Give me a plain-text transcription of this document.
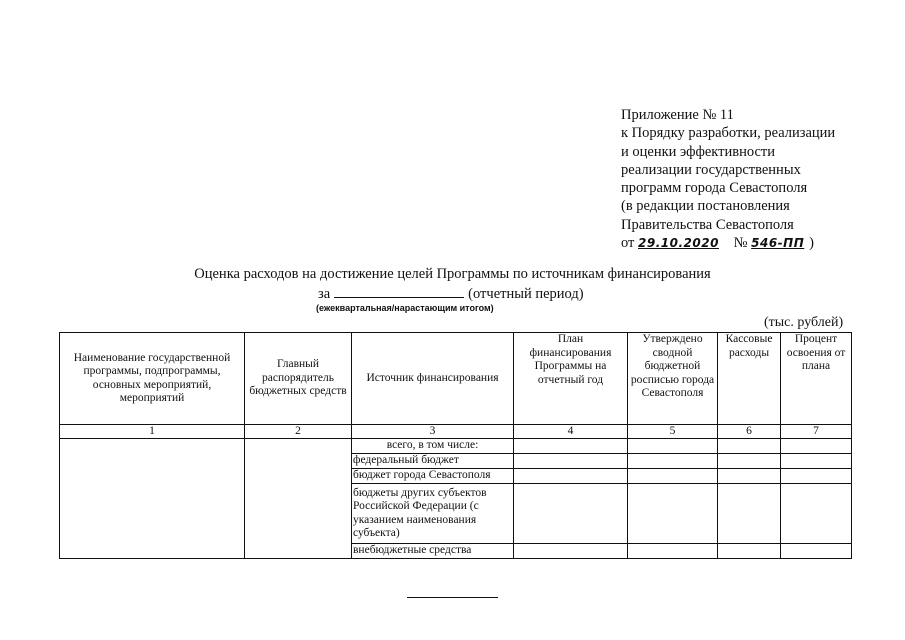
Приложение № 11
к Порядку разработки, реализации
и оценки эффективности
реализации государственных
программ города Севастополя
(в редакции постановления
Правительства Севастополя
от 29.10.2020 № 546-ПП )
Оценка расходов на достижение целей Программы по источникам финансирования
за	(отчетный период)
(ежеквартальная/нарастающим итогом)
(тыс. рублей)
Наименование государственной программы, подпрограммы, основных мероприятий, мероприятий	Главный распорядитель бюджетных средств	Источник финансирования	План финансирования Программы на отчетный год	Утверждено сводной бюджетной росписью города Севастополя	Кассовые расходы	Процент освоения от плана
1	2	3	4	5	6	7
		всего, в том числе:				
		федеральный бюджет				
		бюджет города Севастополя				
		бюджеты других субъектов Российской Федерации (с указанием наименования субъекта)				
		внебюджетные средства				
